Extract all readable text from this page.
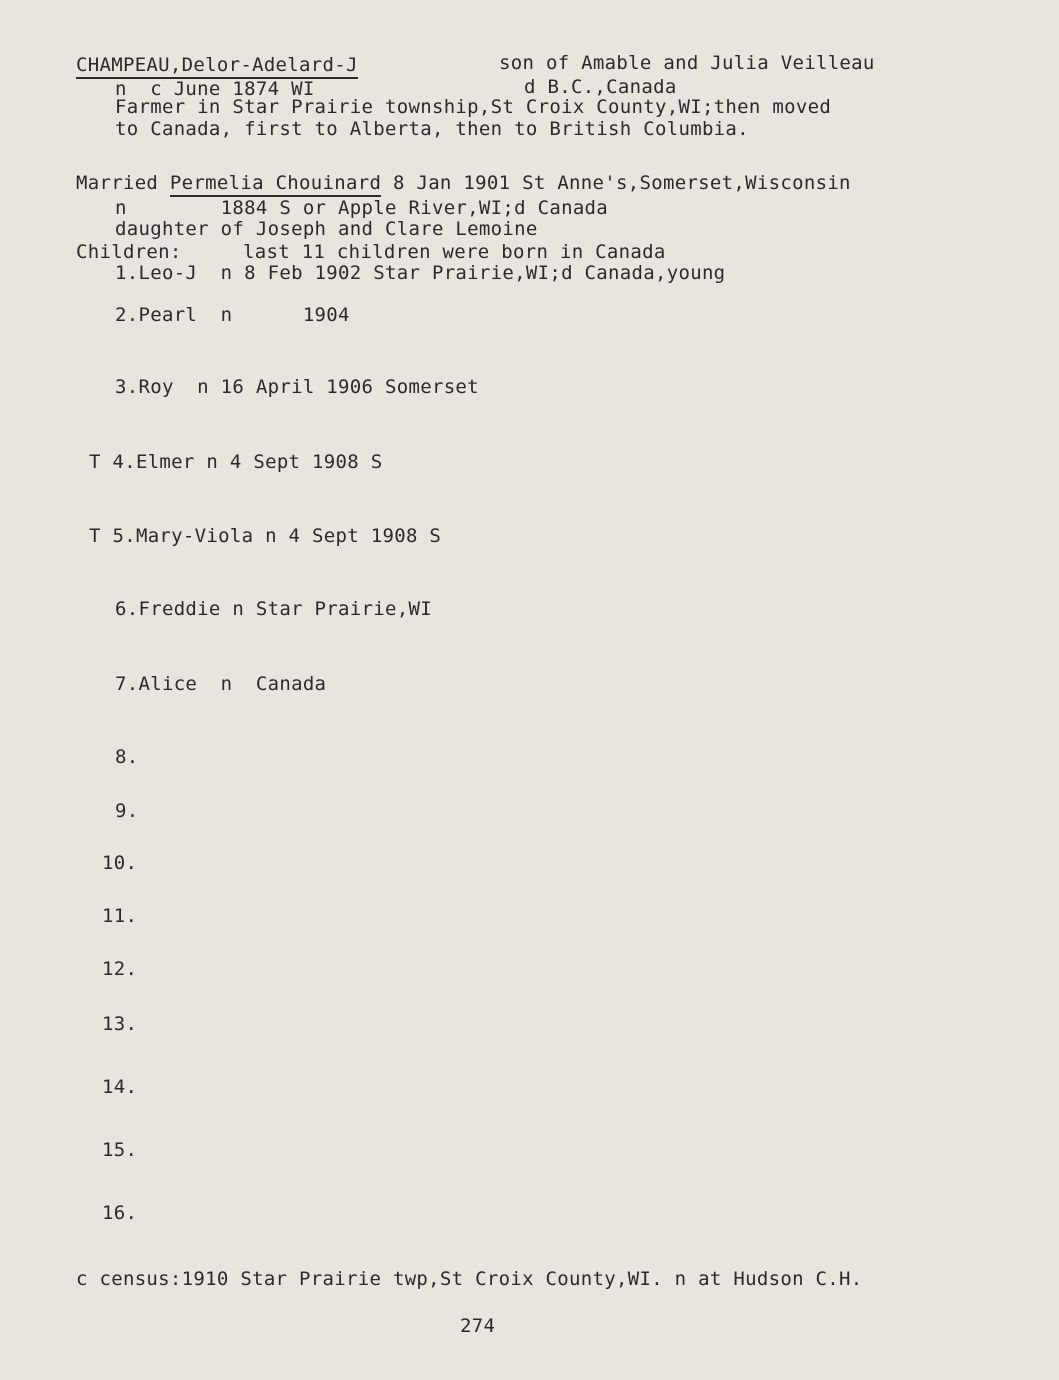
CHAMPEAU,Delor-Adelard-J	son of Amable and Julia Veilleau
n  c June 1874 WI	d B.C.,Canada
Farmer in Star Prairie township,St Croix County,WI;then moved
to Canada, first to Alberta, then to British Columbia.
Married Permelia Chouinard 8 Jan 1901 St Anne's,Somerset,Wisconsin
n        1884 S or Apple River,WI;d Canada
daughter of Joseph and Clare Lemoine
Children:	last 11 children were born in Canada
1.Leo-J  n 8 Feb 1902 Star Prairie,WI;d Canada,young
2.Pearl  n      1904
3.Roy  n 16 April 1906 Somerset
T 4.Elmer n 4 Sept 1908 S
T 5.Mary-Viola n 4 Sept 1908 S
6.Freddie n Star Prairie,WI
7.Alice  n  Canada
8.
9.
10.
11.
12.
13.
14.
15.
16.
c census:1910 Star Prairie twp,St Croix County,WI. n at Hudson C.H.
274
